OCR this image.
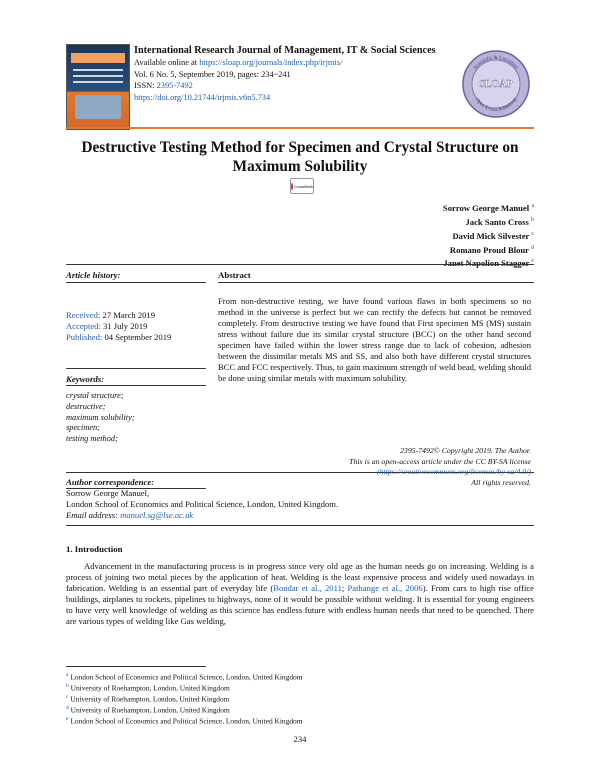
International Research Journal of Management, IT & Social Sciences
Available online at https://sloap.org/journals/index.php/irjmis/
Vol. 6 No. 5, September 2019, pages: 234~241
ISSN: 2395-7492
https://doi.org/10.21744/irjmis.v6n5.734
Scientific & Literature
Open Access Publishing
SLOAP
Destructive Testing Method for Specimen and Crystal Structure on
Maximum Solubility
CrossMark
Sorrow George Manuel $^a$
Jack Santo Cross $^b$
David Mick Silvester $^c$
Romano Proud Blour $^d$
$^e$
Article history:
Received: 27 March 2019
Accepted: 31 July 2019
Published: 04 September 2019
Keywords:
crystal structure;
destructive;
maximum solubility;
specimen;
testing method;
Abstract
From non-destructive testing, we have found various flaws in both specimens so no method in the universe is perfect but we can rectify the defects but cannot be removed completely. From destructive testing we have found that First specimen MS (MS) sustain stress without failure due its similar crystal structure (BCC) on the other hand second specimen have failed within the lower stress range due to lack of cohesion, adhesion between the dissimilar metals MS and SS, and also both have different crystal structures BCC and FCC respectively. Thus, to gain maximum strength of weld bead, welding should be done using similar metals with maximum solubility.
2395-7492© Copyright 2019. The Author.
This is an open-access article under the CC BY-SA license
(https://creativecommons.org/licenses/by-sa/4.0/)
All rights reserved.
Author correspondence:
Sorrow George Manuel,
London School of Economics and Political Science, London, United Kingdom.
Email address: manuel.sg@lse.ac.uk
1. Introduction
Advancement in the manufacturing process is in progress since very old age as the human needs go on increasing. Welding is a process of joining two metal pieces by the application of heat. Welding is the least expensive process and widely used nowadays in fabrication. Welding is an essential part of everyday life (Bondar et al., 2011; Pathange et al., 2006). From cars to high rise office buildings, airplanes to rockets, pipelines to highways, none of it would be possible without welding. It is essential for young engineers to have very well knowledge of welding as this science has endless future with endless human needs that need to be quenched. There are various types of welding like Gas welding,
$^a$ London School of Economics and Political Science, London, United Kingdom
$^b$ University of Roehampton, London, United Kingdom
$^c$ University of Roehampton, London, United Kingdom
$^d$ University of Roehampton, London, United Kingdom
$^e$ London School of Economics and Political Science, London, United Kingdom
234
